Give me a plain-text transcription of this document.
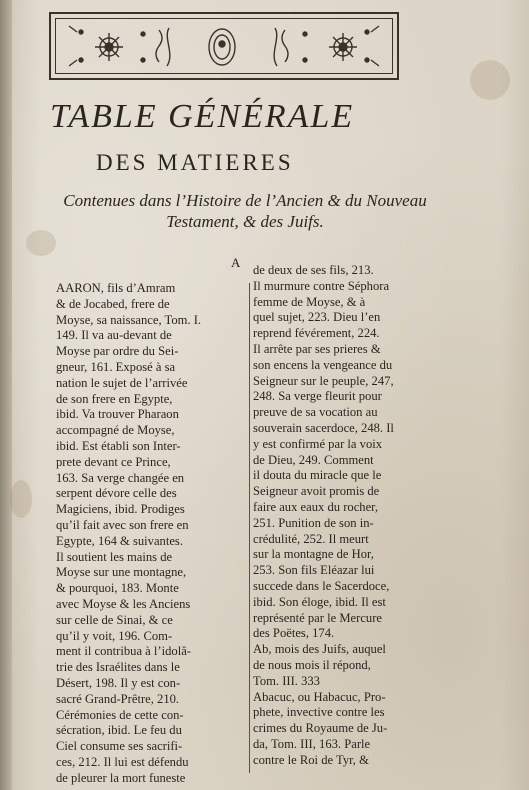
TABLE GÉNÉRALE
DES MATIERES
Contenues dans l’Histoire de l’Ancien & du Nouveau Testament, & des Juifs.
A
AARON, fils d’Amram
& de Jocabed, frere de
Moyse, sa naissance, Tom. I.
149. Il va au-devant de
Moyse par ordre du Sei-
gneur, 161. Exposé à sa
nation le sujet de l’arrivée
de son frere en Egypte,
ibid. Va trouver Pharaon
accompagné de Moyse,
ibid. Est établi son Inter-
prete devant ce Prince,
163. Sa verge changée en
serpent dévore celle des
Magiciens, ibid. Prodiges
qu’il fait avec son frere en
Egypte, 164 & suivantes.
Il soutient les mains de
Moyse sur une montagne,
& pourquoi, 183. Monte
avec Moyse & les Anciens
sur celle de Sinai, & ce
qu’il y voit, 196. Com-
ment il contribua à l’idolâ-
trie des Israélites dans le
Désert, 198. Il y est con-
sacré Grand-Prêtre, 210.
Cérémonies de cette con-
sécration, ibid. Le feu du
Ciel consume ses sacrifi-
ces, 212. Il lui est défendu
de pleurer la mort funeste
de deux de ses fils, 213.
Il murmure contre Séphora
femme de Moyse, & à
quel sujet, 223. Dieu l’en
reprend févérement, 224.
Il arrête par ses prieres &
son encens la vengeance du
Seigneur sur le peuple, 247,
248. Sa verge fleurit pour
preuve de sa vocation au
souverain sacerdoce, 248. Il
y est confirmé par la voix
de Dieu, 249. Comment
il douta du miracle que le
Seigneur avoit promis de
faire aux eaux du rocher,
251. Punition de son in-
crédulité, 252. Il meurt
sur la montagne de Hor,
253. Son fils Eléazar lui
succede dans le Sacerdoce,
ibid. Son éloge, ibid. Il est
représenté par le Mercure
des Poëtes, 174.
Ab, mois des Juifs, auquel
de nous mois il répond,
Tom. III. 333
Abacuc, ou Habacuc, Pro-
phete, invective contre les
crimes du Royaume de Ju-
da, Tom. III, 163. Parle
contre le Roi de Tyr, &
